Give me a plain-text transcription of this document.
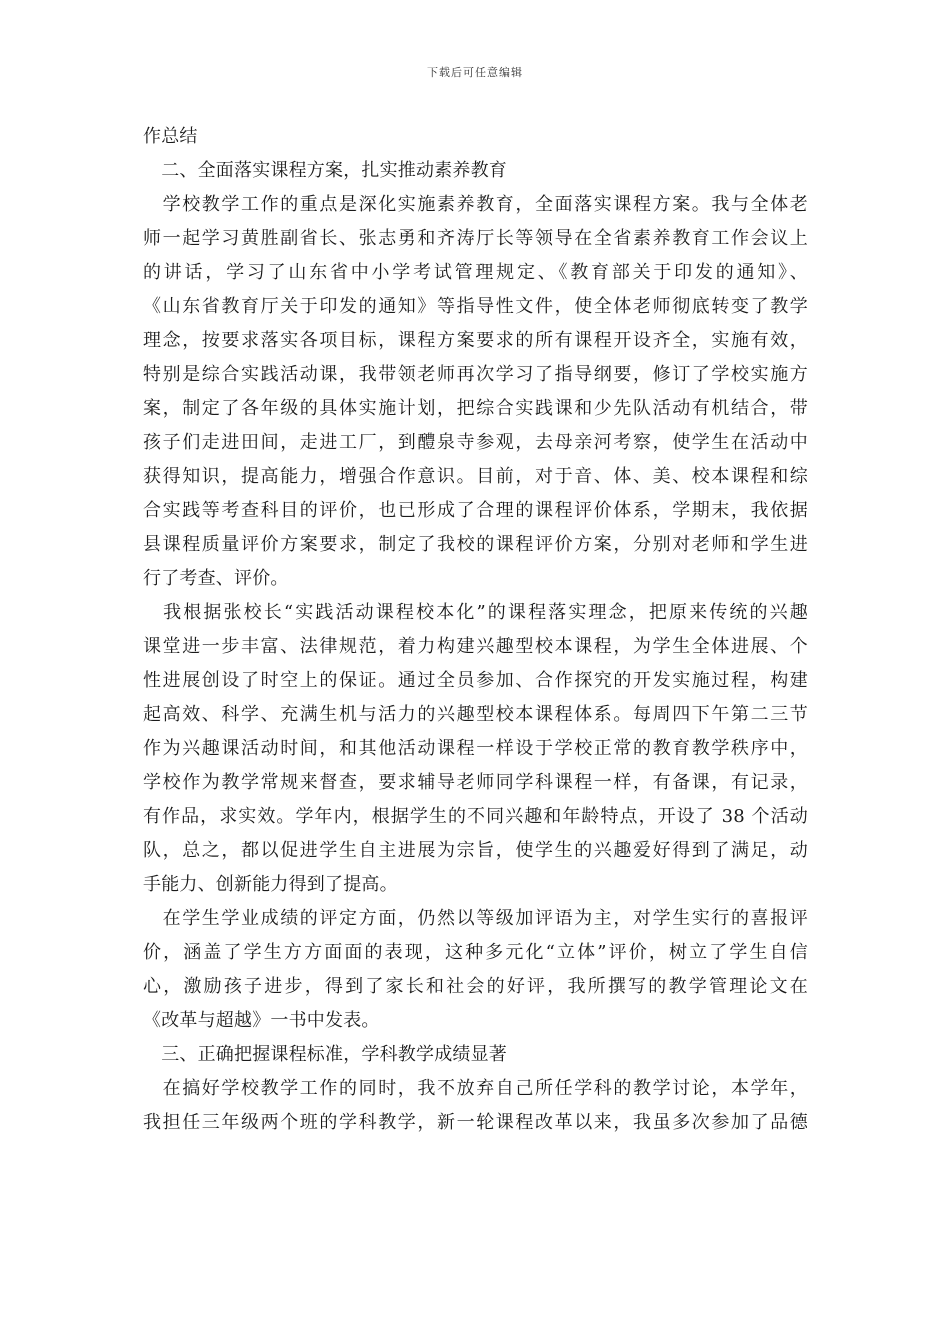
下载后可任意编辑
作总结
　二、全面落实课程方案，扎实推动素养教育
　学校教学工作的重点是深化实施素养教育，全面落实课程方案。我与全体老
师一起学习黄胜副省长、张志勇和齐涛厅长等领导在全省素养教育工作会议上
的讲话，学习了山东省中小学考试管理规定、《教育部关于印发的通知》、
《山东省教育厅关于印发的通知》等指导性文件，使全体老师彻底转变了教学
理念，按要求落实各项目标，课程方案要求的所有课程开设齐全，实施有效，
特别是综合实践活动课，我带领老师再次学习了指导纲要，修订了学校实施方
案，制定了各年级的具体实施计划，把综合实践课和少先队活动有机结合，带
孩子们走进田间，走进工厂，到醴泉寺参观，去母亲河考察，使学生在活动中
获得知识，提高能力，增强合作意识。目前，对于音、体、美、校本课程和综
合实践等考查科目的评价，也已形成了合理的课程评价体系，学期末，我依据
县课程质量评价方案要求，制定了我校的课程评价方案，分别对老师和学生进
行了考查、评价。
　我根据张校长“实践活动课程校本化”的课程落实理念，把原来传统的兴趣
课堂进一步丰富、法律规范，着力构建兴趣型校本课程，为学生全体进展、个
性进展创设了时空上的保证。通过全员参加、合作探究的开发实施过程，构建
起高效、科学、充满生机与活力的兴趣型校本课程体系。每周四下午第二三节
作为兴趣课活动时间，和其他活动课程一样设于学校正常的教育教学秩序中，
学校作为教学常规来督查，要求辅导老师同学科课程一样，有备课，有记录，
有作品，求实效。学年内，根据学生的不同兴趣和年龄特点，开设了 38 个活动
队，总之，都以促进学生自主进展为宗旨，使学生的兴趣爱好得到了满足，动
手能力、创新能力得到了提高。
　在学生学业成绩的评定方面，仍然以等级加评语为主，对学生实行的喜报评
价，涵盖了学生方方面面的表现，这种多元化“立体”评价，树立了学生自信
心，激励孩子进步，得到了家长和社会的好评，我所撰写的教学管理论文在
《改革与超越》一书中发表。
　三、正确把握课程标准，学科教学成绩显著
　在搞好学校教学工作的同时，我不放弃自己所任学科的教学讨论，本学年，
我担任三年级两个班的学科教学，新一轮课程改革以来，我虽多次参加了品德
